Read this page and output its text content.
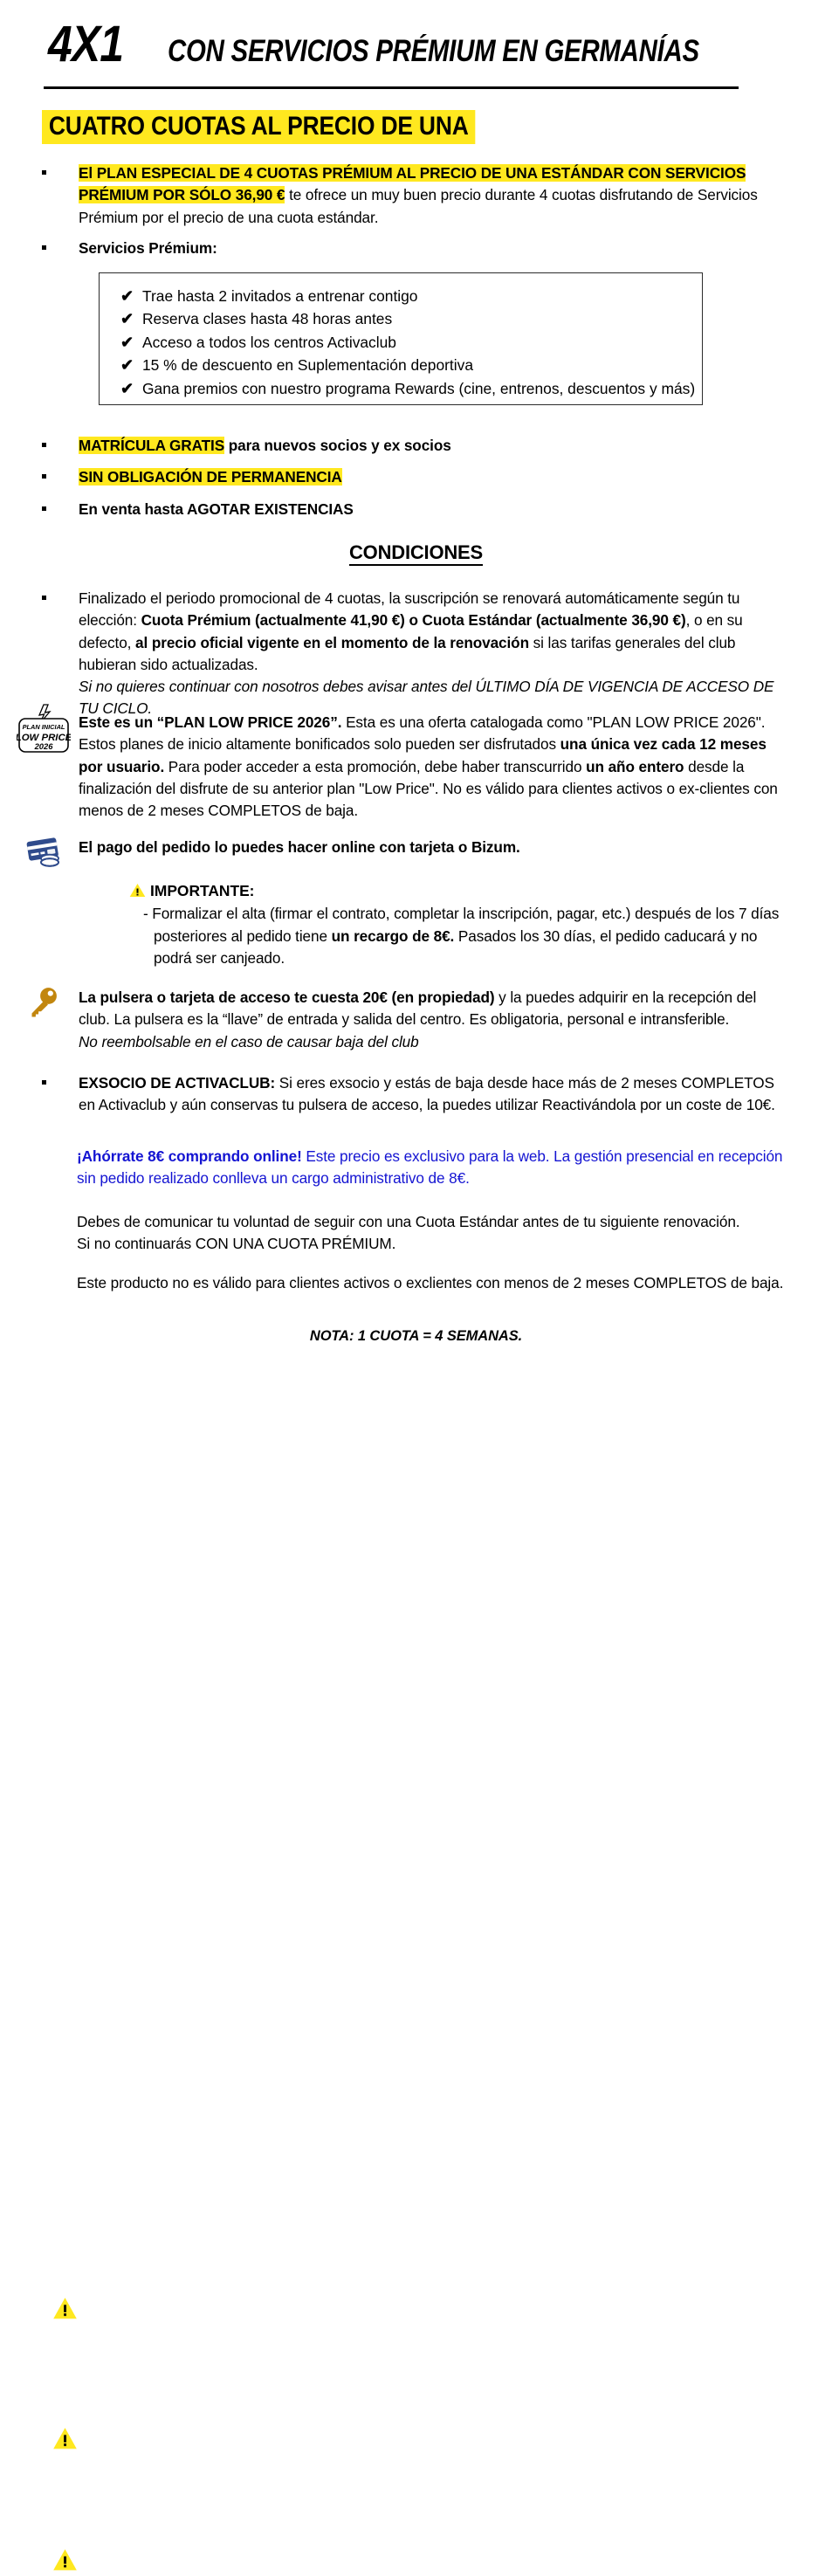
4X1 CON SERVICIOS PRÉMIUM EN GERMANÍAS
CUATRO CUOTAS AL PRECIO DE UNA
El PLAN ESPECIAL DE 4 CUOTAS PRÉMIUM AL PRECIO DE UNA ESTÁNDAR CON SERVICIOS PRÉMIUM POR SÓLO 36,90 € te ofrece un muy buen precio durante 4 cuotas disfrutando de Servicios Prémium por el precio de una cuota estándar.
Servicios Prémium:
✔ Trae hasta 2 invitados a entrenar contigo
✔ Reserva clases hasta 48 horas antes
✔ Acceso a todos los centros Activaclub
✔ 15 % de descuento en Suplementación deportiva
✔ Gana premios con nuestro programa Rewards (cine, entrenos, descuentos y más)
MATRÍCULA GRATIS para nuevos socios y ex socios
SIN OBLIGACIÓN DE PERMANENCIA
En venta hasta AGOTAR EXISTENCIAS
CONDICIONES
Finalizado el periodo promocional de 4 cuotas, la suscripción se renovará automáticamente según tu elección: Cuota Prémium (actualmente 41,90 €) o Cuota Estándar (actualmente 36,90 €), o en su defecto, al precio oficial vigente en el momento de la renovación si las tarifas generales del club hubieran sido actualizadas.
Si no quieres continuar con nosotros debes avisar antes del ÚLTIMO DÍA DE VIGENCIA DE ACCESO DE TU CICLO.
PLAN INICIAL
LOW PRICE
2026
Este es un “PLAN LOW PRICE 2026”. Esta es una oferta catalogada como "PLAN LOW PRICE 2026". Estos planes de inicio altamente bonificados solo pueden ser disfrutados una única vez cada 12 meses por usuario. Para poder acceder a esta promoción, debe haber transcurrido un año entero desde la finalización del disfrute de su anterior plan "Low Price". No es válido para clientes activos o ex-clientes con menos de 2 meses COMPLETOS de baja.
El pago del pedido lo puedes hacer online con tarjeta o Bizum.
IMPORTANTE:
- Formalizar el alta (firmar el contrato, completar la inscripción, pagar, etc.) después de los 7 días posteriores al pedido tiene un recargo de 8€. Pasados los 30 días, el pedido caducará y no podrá ser canjeado.
La pulsera o tarjeta de acceso te cuesta 20€ (en propiedad) y la puedes adquirir en la recepción del club. La pulsera es la “llave” de entrada y salida del centro. Es obligatoria, personal e intransferible.
No reembolsable en el caso de causar baja del club
EXSOCIO DE ACTIVACLUB: Si eres exsocio y estás de baja desde hace más de 2 meses COMPLETOS en Activaclub y aún conservas tu pulsera de acceso, la puedes utilizar Reactivándola por un coste de 10€.
¡Ahórrate 8€ comprando online! Este precio es exclusivo para la web. La gestión presencial en recepción sin pedido realizado conlleva un cargo administrativo de 8€.
Debes de comunicar tu voluntad de seguir con una Cuota Estándar antes de tu siguiente renovación.
Si no continuarás CON UNA CUOTA PRÉMIUM.
Este producto no es válido para clientes activos o exclientes con menos de 2 meses COMPLETOS de baja.
NOTA: 1 CUOTA = 4 SEMANAS.
